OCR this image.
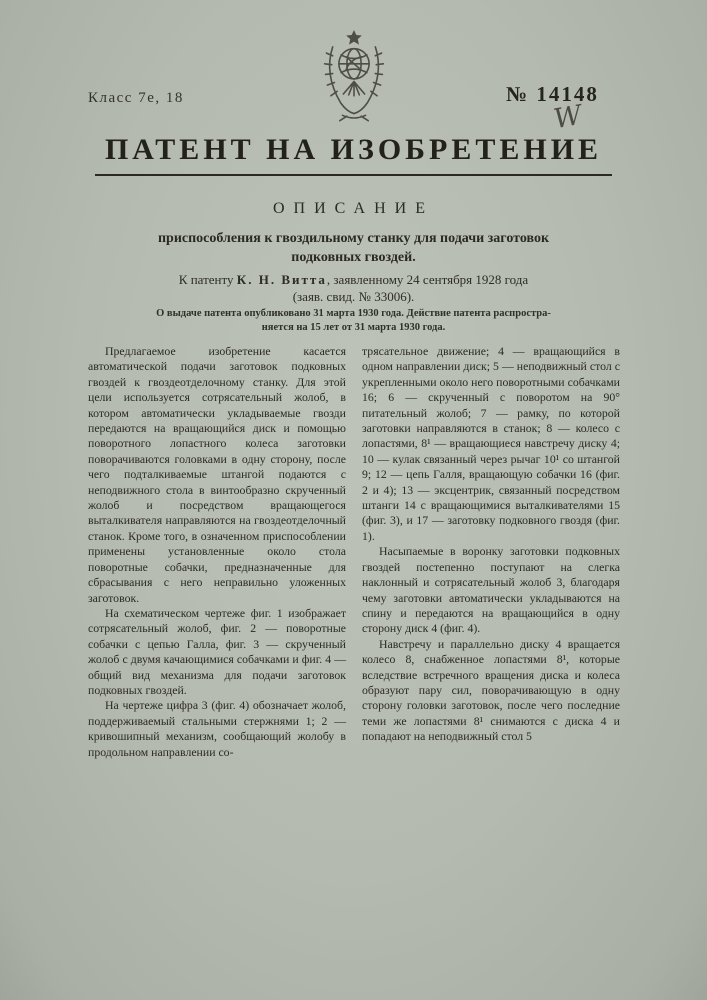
Класс 7е, 18	№ 14148
W
ПАТЕНТ НА ИЗОБРЕТЕНИЕ
ОПИСАНИЕ
приспособления к гвоздильному станку для подачи заготовок
подковных гвоздей.
К патенту К. Н. Витта, заявленному 24 сентября 1928 года
(заяв. свид. № 33006).
О выдаче патента опубликовано 31 марта 1930 года. Действие патента распростра-
няется на 15 лет от 31 марта 1930 года.

Предлагаемое изобретение касается автоматической подачи заготовок подковных гвоздей к гвоздеотделочному станку. Для этой цели используется сотрясательный жолоб, в котором автоматически укладываемые гвозди передаются на вращающийся диск и помощью поворотного лопастного колеса заготовки поворачиваются головками в одну сторону, после чего подталкиваемые штангой подаются с неподвижного стола в винтообразно скрученный жолоб и посредством вращающегося выталкивателя направляются на гвоздеотделочный станок. Кроме того, в означенном приспособлении применены установленные около стола поворотные собачки, предназначенные для сбрасывания с него неправильно уложенных заготовок.

На схематическом чертеже фиг. 1 изображает сотрясательный жолоб, фиг. 2 — поворотные собачки с цепью Галла, фиг. 3 — скрученный жолоб с двумя качающимися собачками и фиг. 4 — общий вид механизма для подачи заготовок подковных гвоздей.

На чертеже цифра 3 (фиг. 4) обозначает жолоб, поддерживаемый стальными стержнями 1; 2 — кривошипный механизм, сообщающий жолобу в продольном направлении со-

трясательное движение; 4 — вращающийся в одном направлении диск; 5 — неподвижный стол с укрепленными около него поворотными собачками 16; 6 — скрученный с поворотом на 90° питательный жолоб; 7 — рамку, по которой заготовки направляются в станок; 8 — колесо с лопастями, 8¹ — вращающиеся навстречу диску 4; 10 — кулак связанный через рычаг 10¹ со штангой 9; 12 — цепь Галля, вращающую собачки 16 (фиг. 2 и 4); 13 — эксцентрик, связанный посредством штанги 14 с вращающимися выталкивателями 15 (фиг. 3), и 17 — заготовку подковного гвоздя (фиг. 1).

Насыпаемые в воронку заготовки подковных гвоздей постепенно поступают на слегка наклонный и сотрясательный жолоб 3, благодаря чему заготовки автоматически укладываются на спину и передаются на вращающийся в одну сторону диск 4 (фиг. 4).

Навстречу и параллельно диску 4 вращается колесо 8, снабженное лопастями 8¹, которые вследствие встречного вращения диска и колеса образуют пару сил, поворачивающую в одну сторону головки заготовок, после чего последние теми же лопастями 8¹ снимаются с диска 4 и попадают на неподвижный стол 5
